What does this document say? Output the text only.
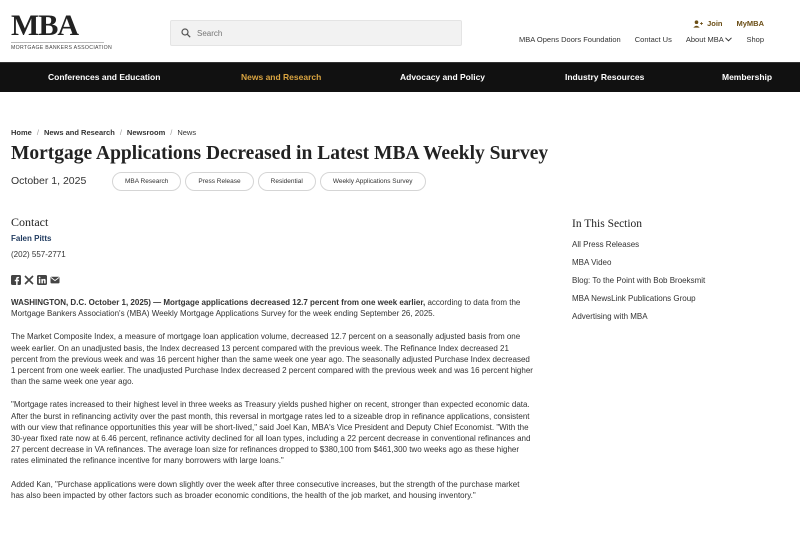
MBA
MORTGAGE BANKERS ASSOCIATION
Search
Join MyMBA
MBA Opens Doors Foundation Contact Us About MBA	Shop
Conferences and Education	News and Research	Advocacy and Policy	Industry Resources	Membership
Home / News and Research / Newsroom / News
Mortgage Applications Decreased in Latest MBA Weekly Survey
October 1, 2025	MBA Research	Press Release	Residential	Weekly Applications Survey
Contact
Falen Pitts
(202) 557-2771

WASHINGTON, D.C. October 1, 2025) — Mortgage applications decreased 12.7 percent from one week earlier, according to data from the Mortgage Bankers Association's (MBA) Weekly Mortgage Applications Survey for the week ending September 26, 2025.

The Market Composite Index, a measure of mortgage loan application volume, decreased 12.7 percent on a seasonally adjusted basis from one week earlier. On an unadjusted basis, the Index decreased 13 percent compared with the previous week. The Refinance Index decreased 21 percent from the previous week and was 16 percent higher than the same week one year ago. The seasonally adjusted Purchase Index decreased 1 percent from one week earlier. The unadjusted Purchase Index decreased 2 percent compared with the previous week and was 16 percent higher than the same week one year ago.

"Mortgage rates increased to their highest level in three weeks as Treasury yields pushed higher on recent, stronger than expected economic data. After the burst in refinancing activity over the past month, this reversal in mortgage rates led to a sizeable drop in refinance applications, consistent with our view that refinance opportunities this year will be short-lived," said Joel Kan, MBA's Vice President and Deputy Chief Economist. "With the 30-year fixed rate now at 6.46 percent, refinance activity declined for all loan types, including a 22 percent decrease in conventional refinances and 27 percent decrease in VA refinances. The average loan size for refinances dropped to $380,100 from $461,300 two weeks ago as these higher rates eliminated the refinance incentive for many borrowers with large loans."

Added Kan, "Purchase applications were down slightly over the week after three consecutive increases, but the strength of the purchase market has also been impacted by other factors such as broader economic conditions, the health of the job market, and housing inventory."

In This Section
All Press Releases
MBA Video
Blog: To the Point with Bob Broeksmit
MBA NewsLink Publications Group
Advertising with MBA
